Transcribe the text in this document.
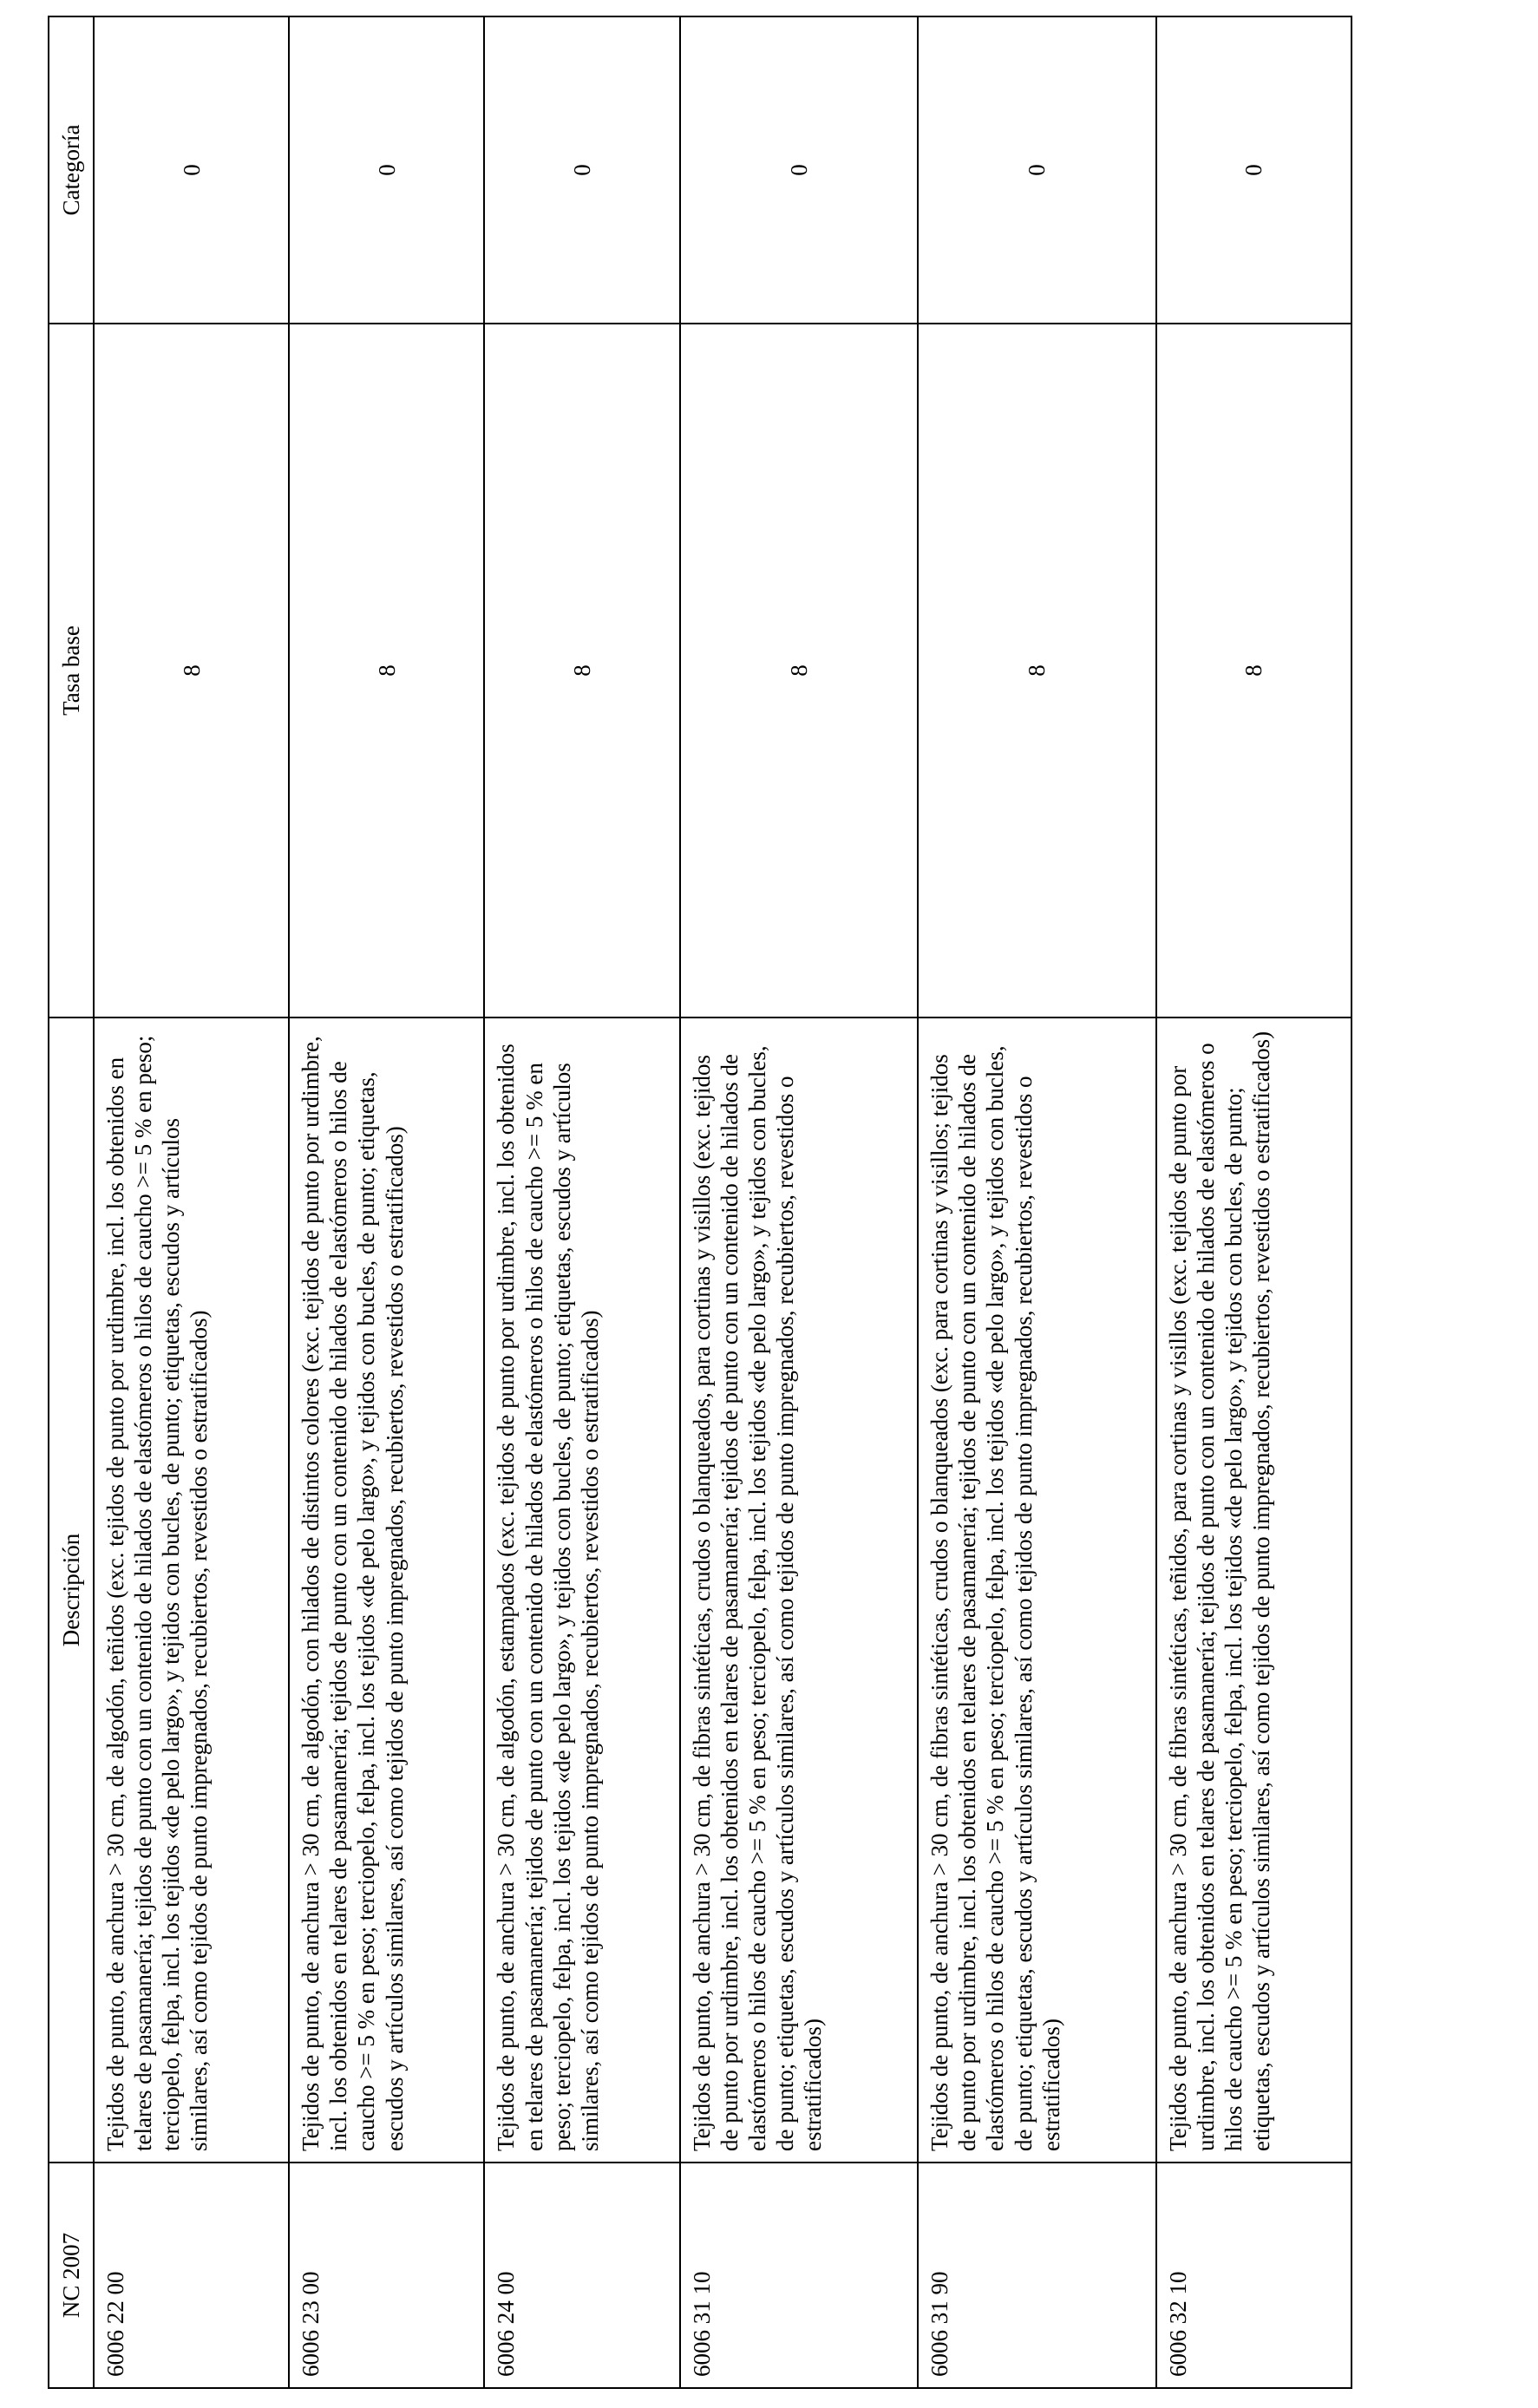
NC 2007	Descripción	Tasa base	Categoría
6006 22 00	Tejidos de punto, de anchura > 30 cm, de algodón, teñidos (exc. tejidos de punto por urdimbre, incl. los obtenidos en telares de pasamanería; tejidos de punto con un contenido de hilados de elastómeros o hilos de caucho >= 5 % en peso; terciopelo, felpa, incl. los tejidos «de pelo largo», y tejidos con bucles, de punto; etiquetas, escudos y artículos similares, así como tejidos de punto impregnados, recubiertos, revestidos o estratificados)	8	0
6006 23 00	Tejidos de punto, de anchura > 30 cm, de algodón, con hilados de distintos colores (exc. tejidos de punto por urdimbre, incl. los obtenidos en telares de pasamanería; tejidos de punto con un contenido de hilados de elastómeros o hilos de caucho >= 5 % en peso; terciopelo, felpa, incl. los tejidos «de pelo largo», y tejidos con bucles, de punto; etiquetas, escudos y artículos similares, así como tejidos de punto impregnados, recubiertos, revestidos o estratificados)	8	0
6006 24 00	Tejidos de punto, de anchura > 30 cm, de algodón, estampados (exc. tejidos de punto por urdimbre, incl. los obtenidos en telares de pasamanería; tejidos de punto con un contenido de hilados de elastómeros o hilos de caucho >= 5 % en peso; terciopelo, felpa, incl. los tejidos «de pelo largo», y tejidos con bucles, de punto; etiquetas, escudos y artículos similares, así como tejidos de punto impregnados, recubiertos, revestidos o estratificados)	8	0
6006 31 10	Tejidos de punto, de anchura > 30 cm, de fibras sintéticas, crudos o blanqueados, para cortinas y visillos (exc. tejidos de punto por urdimbre, incl. los obtenidos en telares de pasamanería; tejidos de punto con un contenido de hilados de elastómeros o hilos de caucho >= 5 % en peso; terciopelo, felpa, incl. los tejidos «de pelo largo», y tejidos con bucles, de punto; etiquetas, escudos y artículos similares, así como tejidos de punto impregnados, recubiertos, revestidos o estratificados)	8	0
6006 31 90	Tejidos de punto, de anchura > 30 cm, de fibras sintéticas, crudos o blanqueados (exc. para cortinas y visillos; tejidos de punto por urdimbre, incl. los obtenidos en telares de pasamanería; tejidos de punto con un contenido de hilados de elastómeros o hilos de caucho >= 5 % en peso; terciopelo, felpa, incl. los tejidos «de pelo largo», y tejidos con bucles, de punto; etiquetas, escudos y artículos similares, así como tejidos de punto impregnados, recubiertos, revestidos o estratificados)	8	0
6006 32 10	Tejidos de punto, de anchura > 30 cm, de fibras sintéticas, teñidos, para cortinas y visillos (exc. tejidos de punto por urdimbre, incl. los obtenidos en telares de pasamanería; tejidos de punto con un contenido de hilados de elastómeros o hilos de caucho >= 5 % en peso; terciopelo, felpa, incl. los tejidos «de pelo largo», y tejidos con bucles, de punto; etiquetas, escudos y artículos similares, así como tejidos de punto impregnados, recubiertos, revestidos o estratificados)	8	0
